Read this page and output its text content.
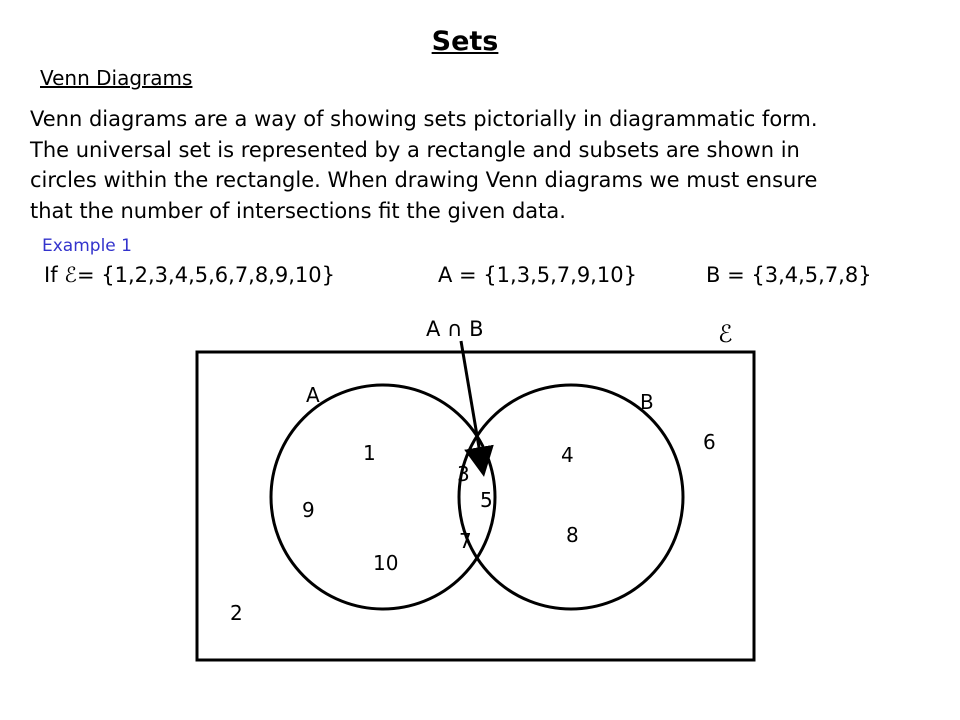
Sets
Venn Diagrams
Venn diagrams are a way of showing sets pictorially in diagrammatic form.
The universal set is represented by a rectangle and subsets are shown in
circles within the rectangle. When drawing Venn diagrams we must ensure
that the number of intersections fit the given data.
Example 1
If ℰ= {1,2,3,4,5,6,7,8,9,10}	A = {1,3,5,7,9,10}	B = {3,4,5,7,8}
A ∩ B	ℰ
A	B
1
9
10
3
5
7
4
8
6
2
